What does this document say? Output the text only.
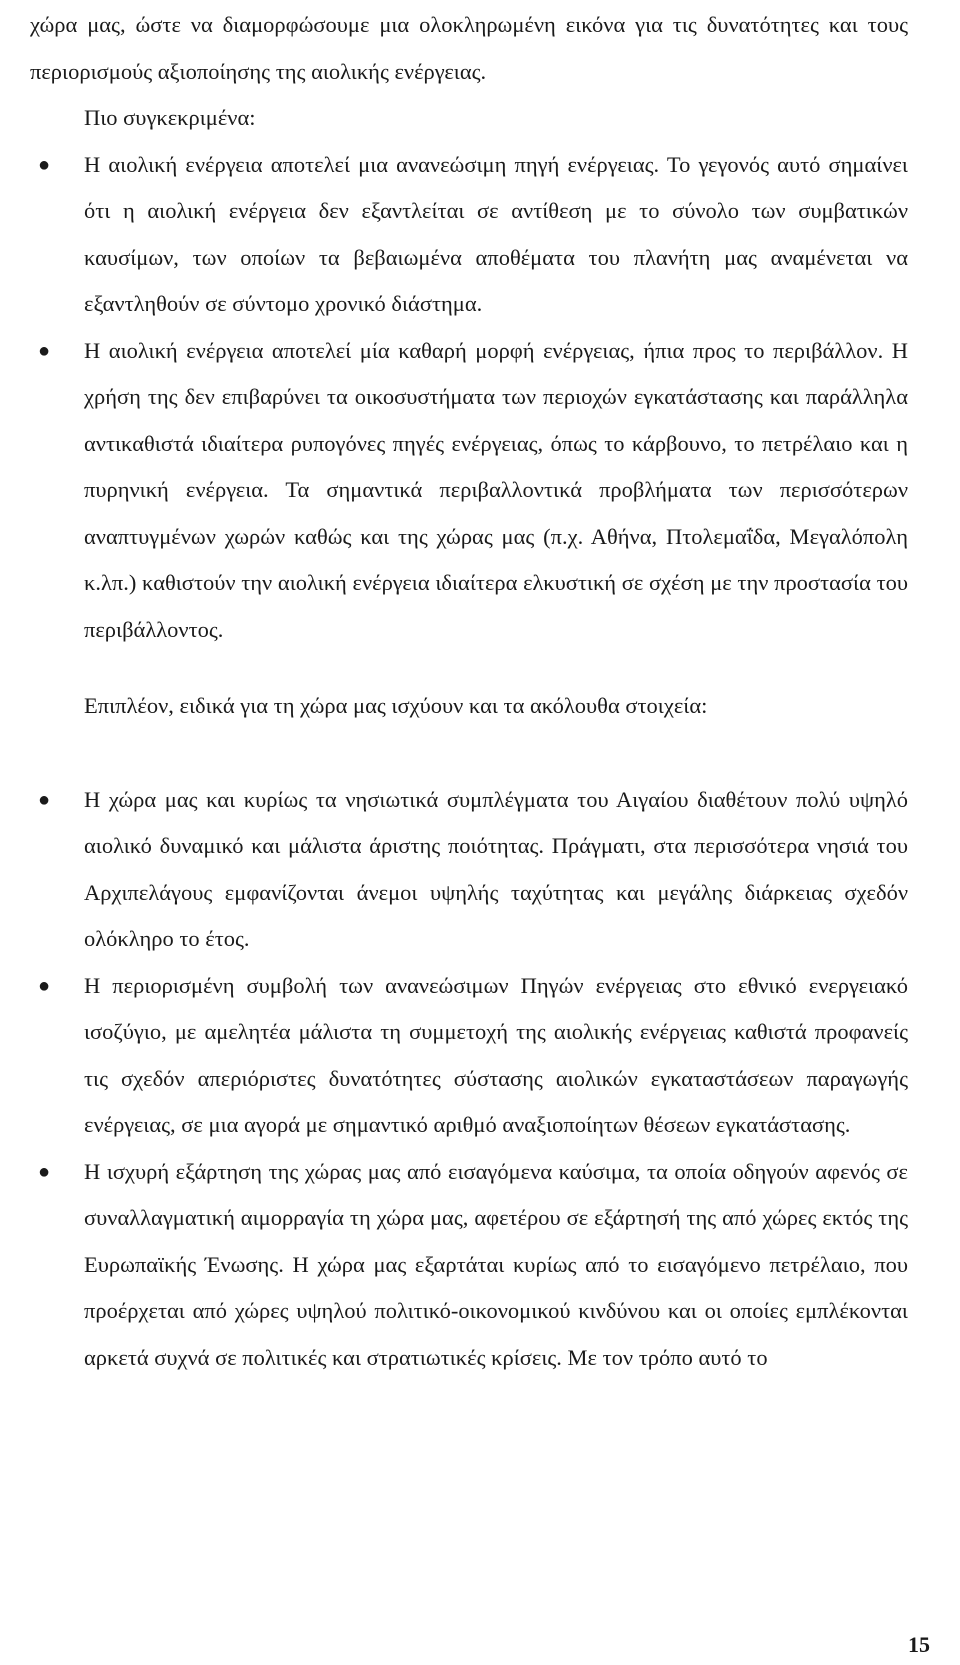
χώρα μας, ώστε να διαμορφώσουμε μια ολοκληρωμένη εικόνα για τις δυνατότητες και τους περιορισμούς αξιοποίησης της αιολικής ενέργειας.

Πιο συγκεκριμένα:

● Η αιολική ενέργεια αποτελεί μια ανανεώσιμη πηγή ενέργειας. Το γεγονός αυτό σημαίνει ότι η αιολική ενέργεια δεν εξαντλείται σε αντίθεση με το σύνολο των συμβατικών καυσίμων, των οποίων τα βεβαιωμένα αποθέματα του πλανήτη μας αναμένεται να εξαντληθούν σε σύντομο χρονικό διάστημα.
● Η αιολική ενέργεια αποτελεί μία καθαρή μορφή ενέργειας, ήπια προς το περιβάλλον. Η χρήση της δεν επιβαρύνει τα οικοσυστήματα των περιοχών εγκατάστασης και παράλληλα αντικαθιστά ιδιαίτερα ρυπογόνες πηγές ενέργειας, όπως το κάρβουνο, το πετρέλαιο και η πυρηνική ενέργεια. Τα σημαντικά περιβαλλοντικά προβλήματα των περισσότερων αναπτυγμένων χωρών καθώς και της χώρας μας (π.χ. Αθήνα, Πτολεμαΐδα, Μεγαλόπολη κ.λπ.) καθιστούν την αιολική ενέργεια ιδιαίτερα ελκυστική σε σχέση με την προστασία του περιβάλλοντος.

Επιπλέον, ειδικά για τη χώρα μας ισχύουν και τα ακόλουθα στοιχεία:

● Η χώρα μας και κυρίως τα νησιωτικά συμπλέγματα του Αιγαίου διαθέτουν πολύ υψηλό αιολικό δυναμικό και μάλιστα άριστης ποιότητας. Πράγματι, στα περισσότερα νησιά του Αρχιπελάγους εμφανίζονται άνεμοι υψηλής ταχύτητας και μεγάλης διάρκειας σχεδόν ολόκληρο το έτος.
● Η περιορισμένη συμβολή των ανανεώσιμων Πηγών ενέργειας στο εθνικό ενεργειακό ισοζύγιο, με αμελητέα μάλιστα τη συμμετοχή της αιολικής ενέργειας καθιστά προφανείς τις σχεδόν απεριόριστες δυνατότητες σύστασης αιολικών εγκαταστάσεων παραγωγής ενέργειας, σε μια αγορά με σημαντικό αριθμό αναξιοποίητων θέσεων εγκατάστασης.
● Η ισχυρή εξάρτηση της χώρας μας από εισαγόμενα καύσιμα, τα οποία οδηγούν αφενός σε συναλλαγματική αιμορραγία τη χώρα μας, αφετέρου σε εξάρτησή της από χώρες εκτός της Ευρωπαϊκής Ένωσης. Η χώρα μας εξαρτάται κυρίως από το εισαγόμενο πετρέλαιο, που προέρχεται από χώρες υψηλού πολιτικό-οικονομικού κινδύνου και οι οποίες εμπλέκονται αρκετά συχνά σε πολιτικές και στρατιωτικές κρίσεις. Με τον τρόπο αυτό το
15
